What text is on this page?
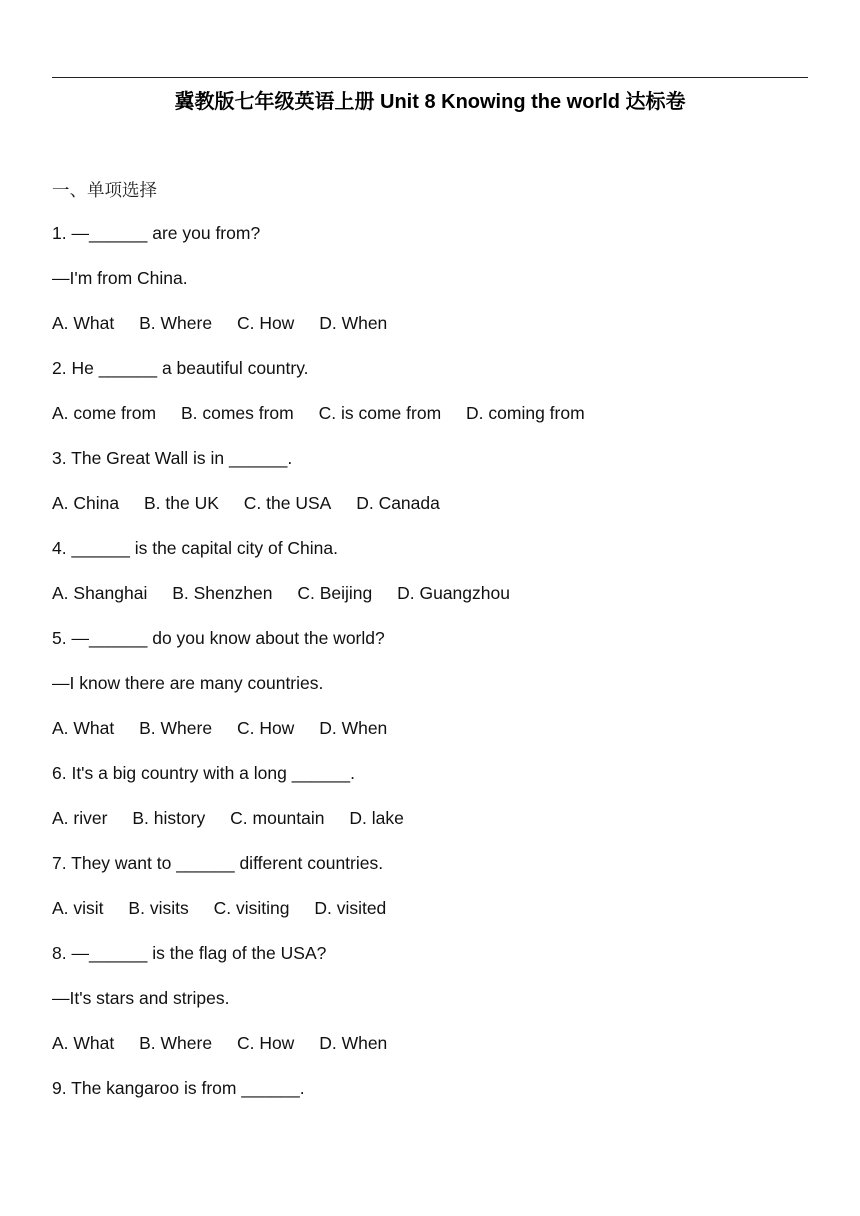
冀教版七年级英语上册 Unit 8 Knowing the world 达标卷
一、单项选择
1. —______ are you from?
—I'm from China.
A. What B. Where C. How D. When
2. He ______ a beautiful country.
A. come from B. comes from C. is come from D. coming from
3. The Great Wall is in ______.
A. China B. the UK C. the USA D. Canada
4. ______ is the capital city of China.
A. Shanghai B. Shenzhen C. Beijing D. Guangzhou
5. —______ do you know about the world?
—I know there are many countries.
A. What B. Where C. How D. When
6. It's a big country with a long ______.
A. river B. history C. mountain D. lake
7. They want to ______ different countries.
A. visit B. visits C. visiting D. visited
8. —______ is the flag of the USA?
—It's stars and stripes.
A. What B. Where C. How D. When
9. The kangaroo is from ______.
